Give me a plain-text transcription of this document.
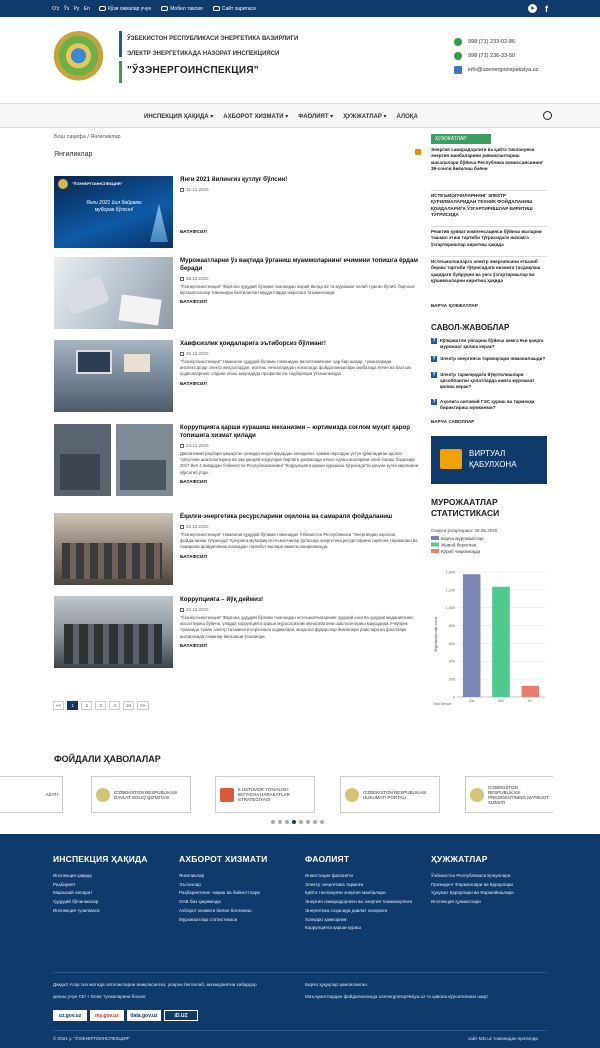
O'z Ўз Ру En	Кўзи ожизлар учун	Мобил тавсия	Сайт харитаси	➤ f
ЎЗБЕКИСТОН РЕСПУБЛИКАСИ ЭНЕРГЕТИКА ВАЗИРЛИГИ
ЭЛЕКТР ЭНЕРГЕТИКАДА НАЗОРАТ ИНСПЕКЦИЯСИ
"ЎЗЭНЕРГОИНСПЕКЦИЯ"
998 (71) 233-02-86
998 (71) 236-33-50
info@uzenergoinspeksiya.uz
ИНСПЕКЦИЯ ҲАҚИДА ▾ АХБОРОТ ХИЗМАТИ ▾ ФАОЛИЯТ ▾ ҲУЖЖАТЛАР ▾ АЛОҚА
Бош саҳифа / Янгиликлар
Янгиликлар
"ЎЗЭНЕРГОИНСПЕКЦИЯ"
Янги 2021 йил байрами муборак бўлсин!
Янги 2021 йилингиз қутлуғ бўлсин!
31.12.2020
БАТАФСИЛ
Мурожаатларни ўз вақтида ўрганиш муаммоларнинг ечимини топишга ёрдам беради
28.12.2020

"Ўзэнергоинспекция" Фарғона ҳудудий бўлими томонидан жорий йилда 62 та мурожаат келиб тушган бўлиб, барчаси мутахассислар томонидан белгиланган муддатларда ижросига таъминланди.

БАТАФСИЛ
Хавфсизлик қоидаларига эътиборсиз бўлманг!
25.12.2020

"Ўзэнергоинспекция" Наманган ҳудудий бўлими томонидан вилоятимизнинг ҳар бир шаҳар, туманларида инспекторлар электр жиҳозлардан, иситиш печкаларидан нохолатда фойдаланишлари оқибатида ёнғин ва бахтсиз ҳодисаларнинг олдини олиш мақсадида профилактик тадбирлари ўтказилмоқда.

БАТАФСИЛ
Коррупцияга қарши курашиш механизми – юртимизда соғлом муҳит қарор топишига хизмат қилади
24.12.2020

Давлатимиз раҳбари ҳақиқатан ҳозирда ниҳоя қадардан келадиган, ҳамма нарсадан устун қўйиладиган адолат туйғусини шакллантириш ва ҳар қандай коррупция бирлиги доирасида изчил кураш ишларини олиб бориш борасида 2017 йил 4 январдан Ўзбекистон Республикасининг "Коррупцияга қарши курашиш тўғрисида"ги қонуни кучга кирганини кўрсатиб ўтди.

БАТАФСИЛ
Ёқилғи-энергетика ресурсларини оқилона ва самарали фойдаланиш
22.12.2020

"Ўзэнергоинспекция" Наманган ҳудудий бўлими томонидан Ўзбекистон Республикаси "Энергиядан оқилона фойдаланиш тўғрисида" Қонунига мувофиқ истеъмолчилар ўртасида энергетика ресурсларини оқилона тақсимлаш ва самарали фойдаланиш юзасидан тарғибот ишлари амалга оширилмоқда.

БАТАФСИЛ
Коррупцияга – йўқ деймиз!
22.12.2020

"Ўзэнергоинспекция" Фарғона ҳудудий бўлими томонидан истеъмолчиларнинг ҳуқуқий онги ва ҳуқуқий маданиятини юксалтириш бўйича, уларда коррупцияга қарши муросасизлик муносабатини шакллантириш мақсадида Учкўприк туманида туман электр таъминоти корхонаси ходимлари, маҳалла фуқаролар йиғинлари раислари ва фаоллари иштирокида семинар йиғилиши ўтказилди.

БАТАФСИЛ
<<	1	2	3	4	24	>>
ҲУЖЖАТЛАР
Энергия самарадорлиги ва қайта тикланувчи энергия манбаларини ривожлантириш масалалари бўйича Республика комиссиясининг 39-сонли йиғилиш баёни
ИСТЕЪМОЛЧИЛАРНИНГ ЭЛЕКТР ҚУРИЛМАЛАРИДАН ТЕХНИК ФОЙДАЛАНИШ ҚОИДАЛАРИГА ЎЗГАРТИРИШЛАР КИРИТИШ ТЎҒРИСИДА
Реактив қувват компенсацияси бўйича ишларни ташкил этиш тартиби тўғрисидаги низомга ўзгартиришлар киритиш ҳақида
Истеъмолчиларга электр энергиясини етказиб бериш тартиби тўғрисидаги низомга тасдиқлаш ҳақидаги буйруқни ва унга ўзгартиришлар ва қўшимчаларни киритиш ҳақида
БАРЧА ҲУЖЖАТЛАР
САВОЛ-ЖАВОБЛАР
? Кўпқаватли уйларни бўйича кимга ёки қаерга мурожаат қилиш керак?
? Электр энергияси тармоқлари ниманилашди?
? Электр тармоқидаги йўқотилишлари ҳисобланган ҳолатларда кимга мурожаат қилиш керак?
? Аҳолига оилавий ГЭС қуриш ва тармоққа бириктириш мумкинми?
БАРЧА САВОЛЛАР
ВИРТУАЛ ҚАБУЛХОНА
МУРОЖААТЛАР СТАТИСТИКАСИ
Охирги ўзгартириш: 05.05.2020
Барча мурожаатлар
Жавоб берилган
Кўриб чиқилмоқда
0
200
400
600
800
1,000
1,200
1,400
Ба	Жб	Кч
Мурожаатлар сони
Total Service
ФОЙДАЛИ ҲАВОЛАЛАР
AZATI	O'ZBEKISTON RESPUBLIKASI DAVLAT SOLIQ QO'MITASI
5 USTUVOR YO'NALISH BO'YICHA HARAKATLAR STRATEGIYASI
O'ZBEKISTON RESPUBLIKASI HUKUMATI PORTALI
O'ZBEKISTON RESPUBLIKASI PREZIDENTINING MATBUOT XIZMATI
ИНСПЕКЦИЯ ҲАҚИДА
Инспекция ҳақида
Раҳбарият
Марказий аппарат
Ҳудудий бўлинмалар
Инспекция тузилмаси
АХБОРОТ ХИЗМАТИ
Янгиликлар
Эълонлар
Раҳбариятнинг чиқиш ва байноттлари
ОАВ биз ҳақимизда
Ахборот хизмати билан боғланиш
Мурожаатлар статистикаси
ФАОЛИЯТ
Инвестиция фаолияти
Электр энергетика тармоғи
Қайта тикланувчи энергия манбалари
Энергия самарадорлиги ва энергия тежамкорлиги
Энергетика соҳасида давлат назорати
Халқаро ҳамкорлик
Коррупцияга қарши кураш
ҲУЖЖАТЛАР
Ўзбекистон Республикаси Қонунлари
Президент Фармонлари ва Қарорлари
Ҳукумат Қарорлари ва Фармойишлари
Инспекция ҳужжатлари
Диққат! Агар сиз матнда хатоликларни аниқласангиз, уларни белгилаб, маъмуриятни хабардор
қилиш учун Ctrl + Enter тугмаларини босинг
Барча ҳуқуқлар ҳимояланган.
Маълумотлардан фойдаланганда uzenergoinspeksiya.uz га ҳавола кўрсатилиши шарт
uz.gov.uz	my.gov.uz	data.gov.uz	iD.UZ
© 2021 у. "ЎЗЭНЕРГОИНСПЕКЦИЯ"	сайт MD.uz томонидан яратилди
